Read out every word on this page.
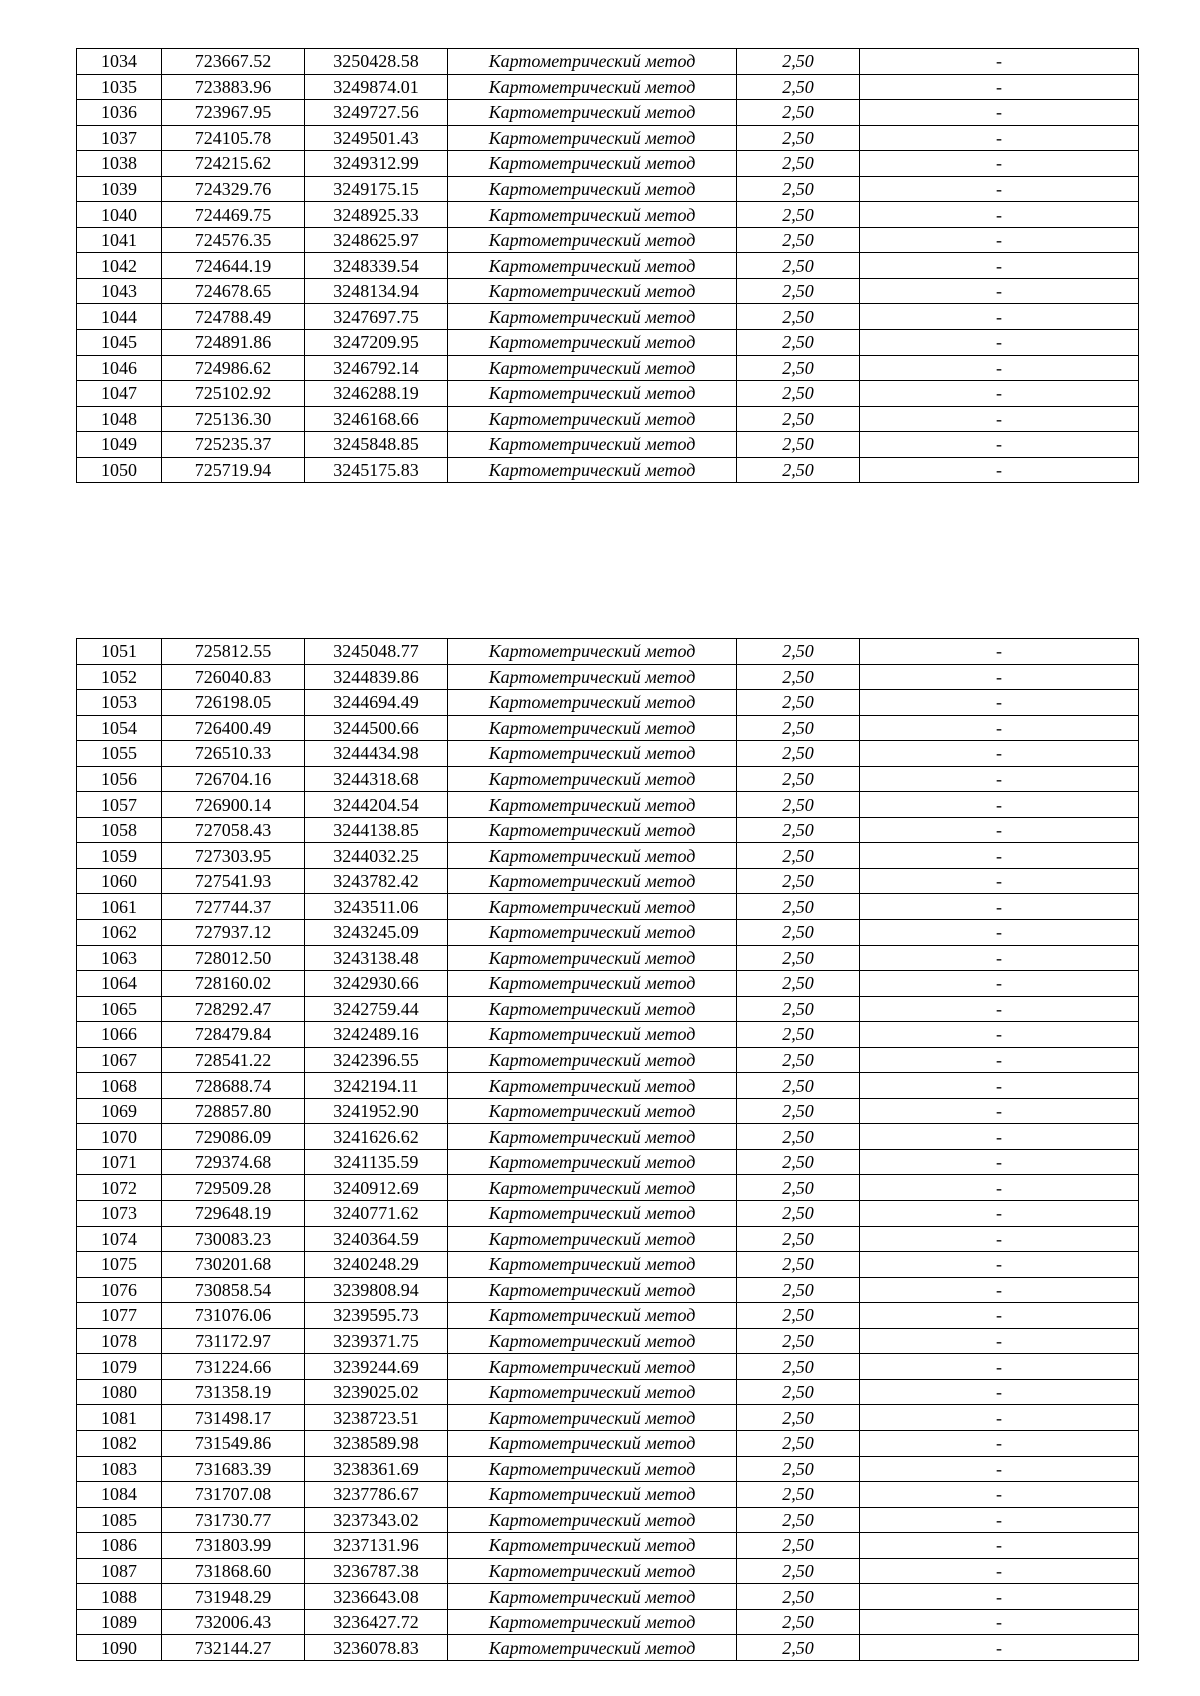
1034	723667.52	3250428.58	Картометрический метод	2,50	-
1035	723883.96	3249874.01	Картометрический метод	2,50	-
1036	723967.95	3249727.56	Картометрический метод	2,50	-
1037	724105.78	3249501.43	Картометрический метод	2,50	-
1038	724215.62	3249312.99	Картометрический метод	2,50	-
1039	724329.76	3249175.15	Картометрический метод	2,50	-
1040	724469.75	3248925.33	Картометрический метод	2,50	-
1041	724576.35	3248625.97	Картометрический метод	2,50	-
1042	724644.19	3248339.54	Картометрический метод	2,50	-
1043	724678.65	3248134.94	Картометрический метод	2,50	-
1044	724788.49	3247697.75	Картометрический метод	2,50	-
1045	724891.86	3247209.95	Картометрический метод	2,50	-
1046	724986.62	3246792.14	Картометрический метод	2,50	-
1047	725102.92	3246288.19	Картометрический метод	2,50	-
1048	725136.30	3246168.66	Картометрический метод	2,50	-
1049	725235.37	3245848.85	Картометрический метод	2,50	-
1050	725719.94	3245175.83	Картометрический метод	2,50	-
1051	725812.55	3245048.77	Картометрический метод	2,50	-
1052	726040.83	3244839.86	Картометрический метод	2,50	-
1053	726198.05	3244694.49	Картометрический метод	2,50	-
1054	726400.49	3244500.66	Картометрический метод	2,50	-
1055	726510.33	3244434.98	Картометрический метод	2,50	-
1056	726704.16	3244318.68	Картометрический метод	2,50	-
1057	726900.14	3244204.54	Картометрический метод	2,50	-
1058	727058.43	3244138.85	Картометрический метод	2,50	-
1059	727303.95	3244032.25	Картометрический метод	2,50	-
1060	727541.93	3243782.42	Картометрический метод	2,50	-
1061	727744.37	3243511.06	Картометрический метод	2,50	-
1062	727937.12	3243245.09	Картометрический метод	2,50	-
1063	728012.50	3243138.48	Картометрический метод	2,50	-
1064	728160.02	3242930.66	Картометрический метод	2,50	-
1065	728292.47	3242759.44	Картометрический метод	2,50	-
1066	728479.84	3242489.16	Картометрический метод	2,50	-
1067	728541.22	3242396.55	Картометрический метод	2,50	-
1068	728688.74	3242194.11	Картометрический метод	2,50	-
1069	728857.80	3241952.90	Картометрический метод	2,50	-
1070	729086.09	3241626.62	Картометрический метод	2,50	-
1071	729374.68	3241135.59	Картометрический метод	2,50	-
1072	729509.28	3240912.69	Картометрический метод	2,50	-
1073	729648.19	3240771.62	Картометрический метод	2,50	-
1074	730083.23	3240364.59	Картометрический метод	2,50	-
1075	730201.68	3240248.29	Картометрический метод	2,50	-
1076	730858.54	3239808.94	Картометрический метод	2,50	-
1077	731076.06	3239595.73	Картометрический метод	2,50	-
1078	731172.97	3239371.75	Картометрический метод	2,50	-
1079	731224.66	3239244.69	Картометрический метод	2,50	-
1080	731358.19	3239025.02	Картометрический метод	2,50	-
1081	731498.17	3238723.51	Картометрический метод	2,50	-
1082	731549.86	3238589.98	Картометрический метод	2,50	-
1083	731683.39	3238361.69	Картометрический метод	2,50	-
1084	731707.08	3237786.67	Картометрический метод	2,50	-
1085	731730.77	3237343.02	Картометрический метод	2,50	-
1086	731803.99	3237131.96	Картометрический метод	2,50	-
1087	731868.60	3236787.38	Картометрический метод	2,50	-
1088	731948.29	3236643.08	Картометрический метод	2,50	-
1089	732006.43	3236427.72	Картометрический метод	2,50	-
1090	732144.27	3236078.83	Картометрический метод	2,50	-
